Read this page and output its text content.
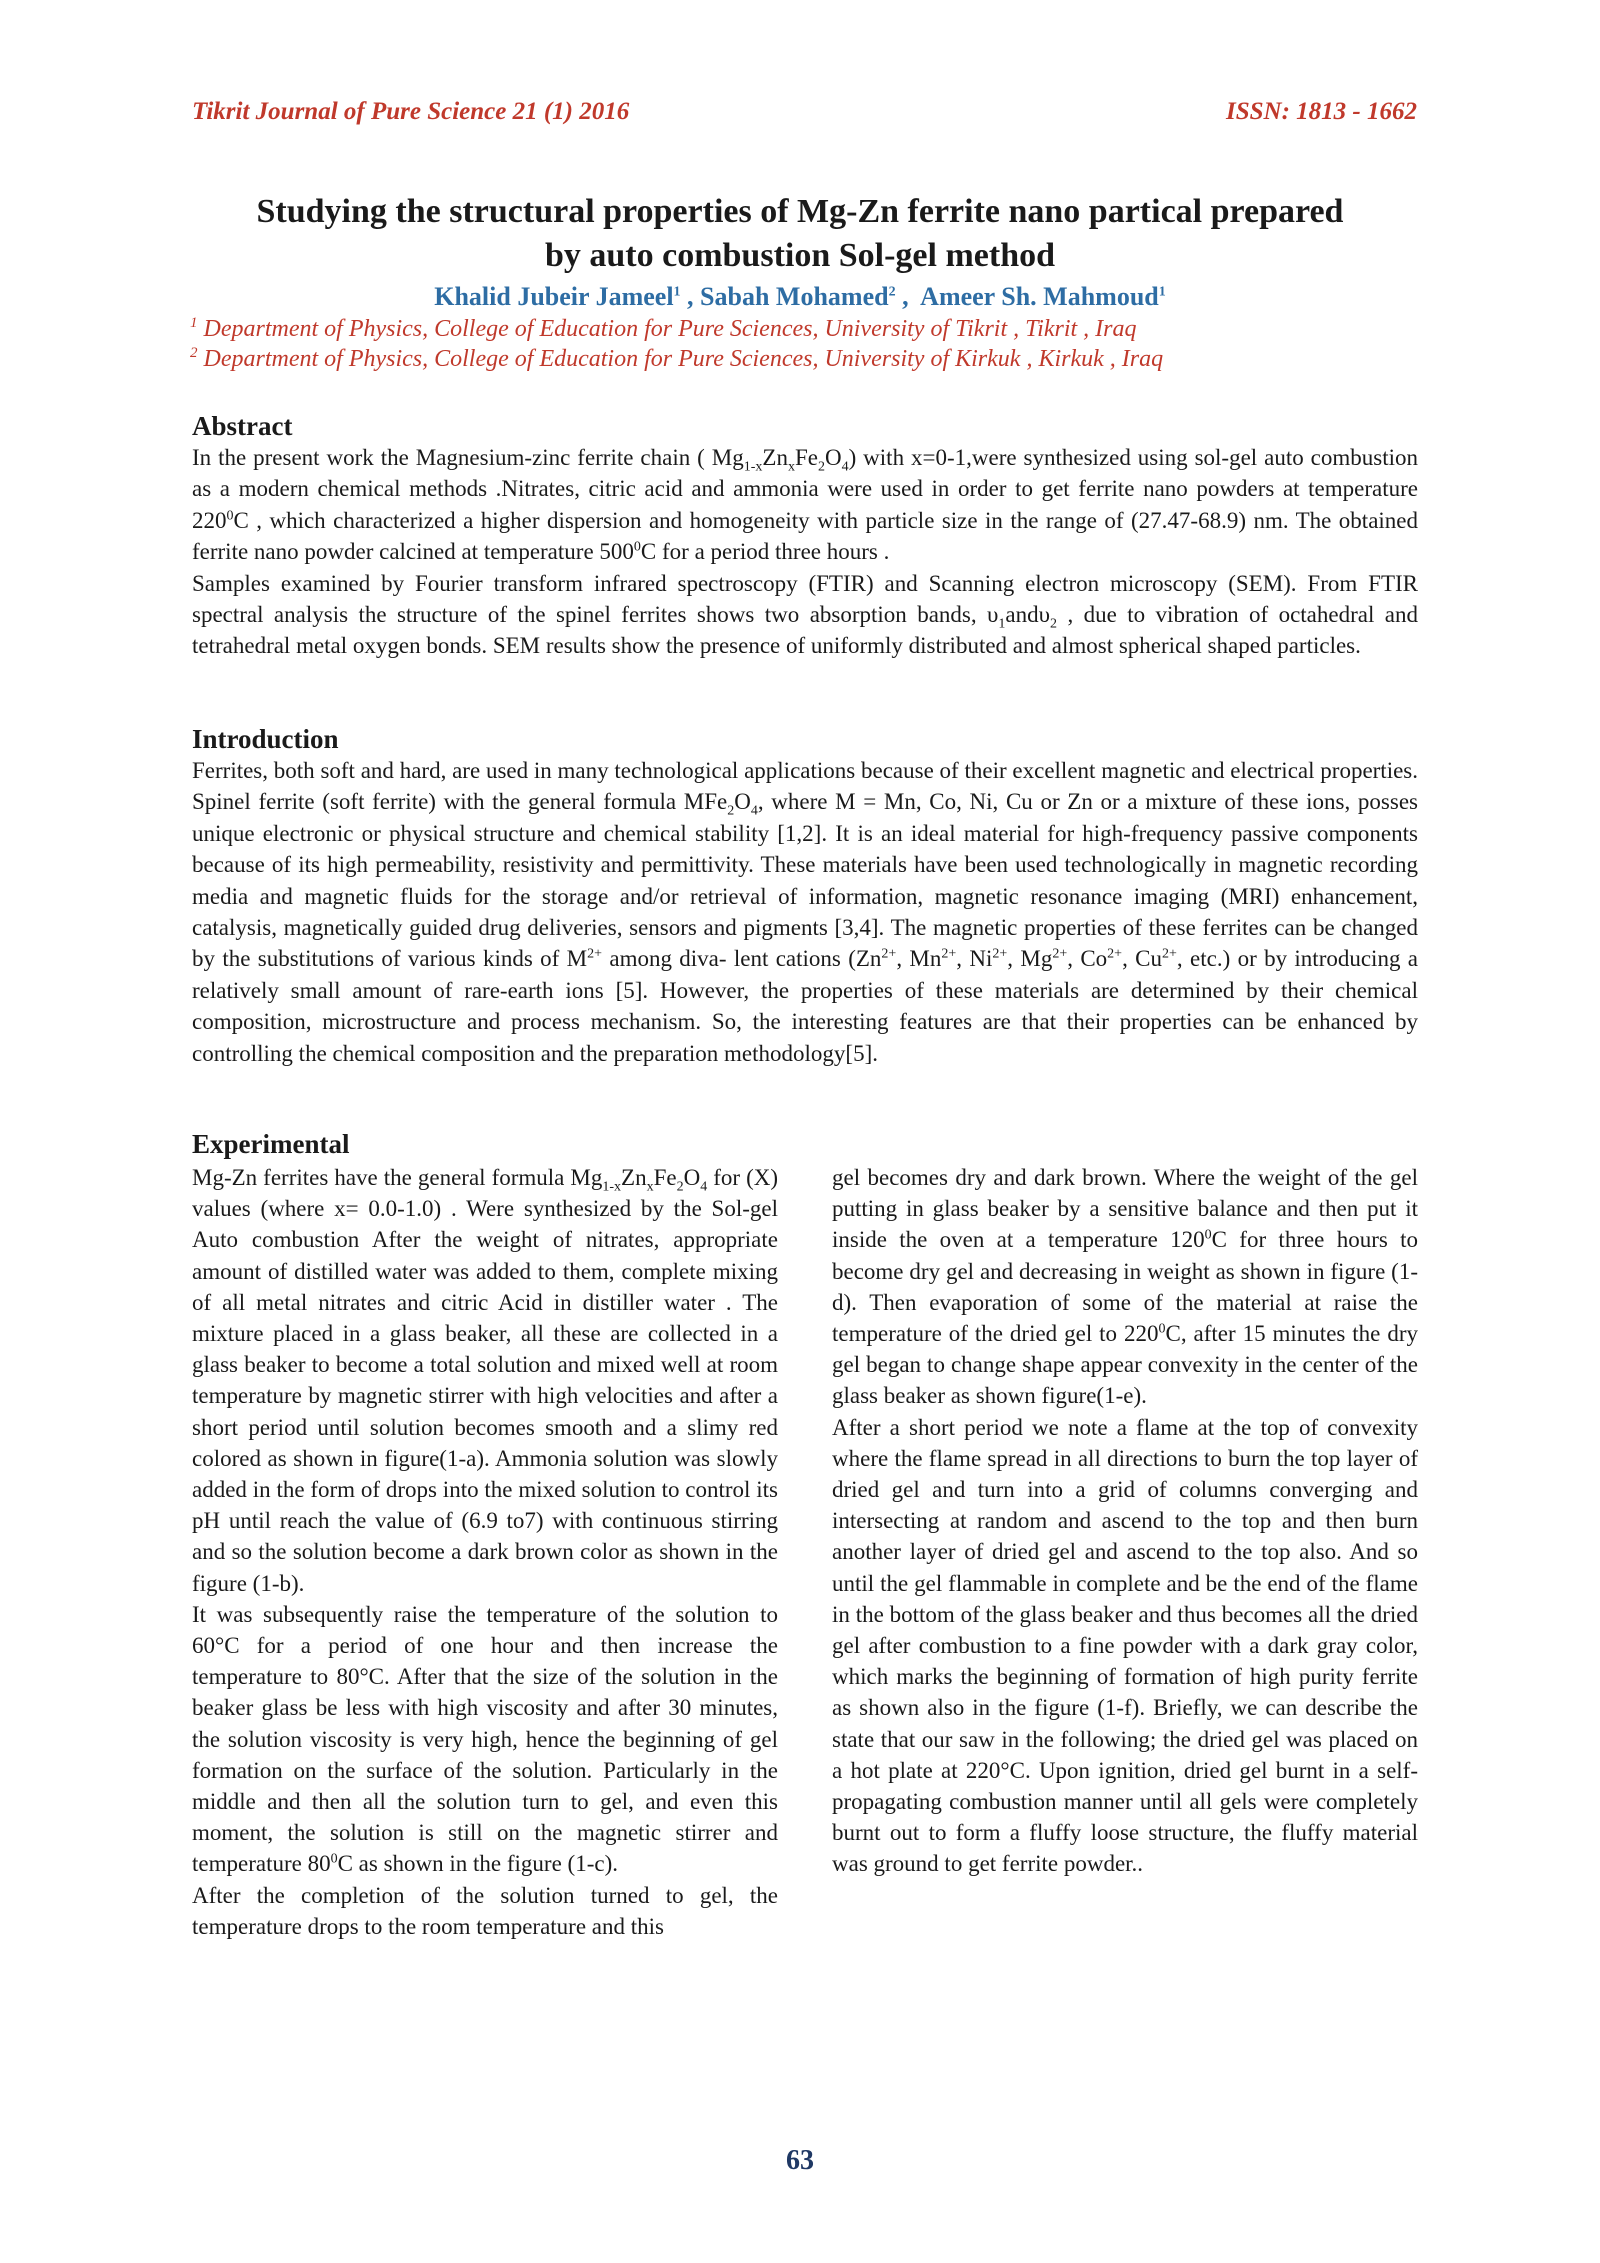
Tikrit Journal of Pure Science 21 (1) 2016	ISSN: 1813 - 1662
Studying the structural properties of Mg-Zn ferrite nano partical prepared
by auto combustion Sol-gel method
Khalid Jubeir Jameel$^1$ , Sabah Mohamed$^2$ ,  Ameer Sh. Mahmoud$^1$
$^1$ Department of Physics, College of Education for Pure Sciences, University of Tikrit , Tikrit , Iraq
$^2$ Department of Physics, College of Education for Pure Sciences, University of Kirkuk , Kirkuk , Iraq
Abstract

In the present work the Magnesium-zinc ferrite chain ( $Mg_{1-x}Zn_xFe_2O_4$) with x=0-1,were synthesized using sol-gel auto combustion as a modern chemical methods .Nitrates, citric acid and ammonia were used in order to get ferrite nano powders at temperature $220^0C$ , which characterized a higher dispersion and homogeneity with particle size in the range of (27.47-68.9) nm. The obtained ferrite nano powder calcined at temperature $500^0C$ for a period three hours .

Samples examined by Fourier transform infrared spectroscopy (FTIR) and Scanning electron microscopy (SEM). From FTIR spectral analysis the structure of the spinel ferrites shows two absorption bands, $\upsilon_1and\upsilon_2$ , due to vibration of octahedral and tetrahedral metal oxygen bonds. SEM results show the presence of uniformly distributed and almost spherical shaped particles.

Introduction

Ferrites, both soft and hard, are used in many technological applications because of their excellent magnetic and electrical properties. Spinel ferrite (soft ferrite) with the general formula $MFe_2O_4$, where M = Mn, Co, Ni, Cu or Zn or a mixture of these ions, posses unique electronic or physical structure and chemical stability [1,2]. It is an ideal material for high-frequency passive components because of its high permeability, resistivity and permittivity. These materials have been used technologically in magnetic recording media and magnetic fluids for the storage and/or retrieval of information, magnetic resonance imaging (MRI) enhancement, catalysis, magnetically guided drug deliveries, sensors and pigments [3,4]. The magnetic properties of these ferrites can be changed by the substitutions of various kinds of $M^{2+}$ among diva- lent cations ($Zn^{2+}$, $Mn^{2+}$, $Ni^{2+}$, $Mg^{2+}$, $Co^{2+}$, $Cu^{2+}$, etc.) or by introducing a relatively small amount of rare-earth ions [5]. However, the properties of these materials are determined by their chemical composition, microstructure and process mechanism. So, the interesting features are that their properties can be enhanced by controlling the chemical composition and the preparation methodology[5].

Experimental

Mg-Zn ferrites have the general formula $Mg_{1-x}Zn_xFe_2O_4$ for (X) values (where x= 0.0-1.0) . Were synthesized by the Sol-gel Auto combustion After the weight of nitrates, appropriate amount of distilled water was added to them, complete mixing of all metal nitrates and citric Acid in distiller water . The mixture placed in a glass beaker, all these are collected in a glass beaker to become a total solution and mixed well at room temperature by magnetic stirrer with high velocities and after a short period until solution becomes smooth and a slimy red colored as shown in figure(1-a). Ammonia solution was slowly added in the form of drops into the mixed solution to control its pH until reach the value of (6.9 to7) with continuous stirring and so the solution become a dark brown color as shown in the figure (1-b).

It was subsequently raise the temperature of the solution to 60°C for a period of one hour and then increase the temperature to 80°C. After that the size of the solution in the beaker glass be less with high viscosity and after 30 minutes, the solution viscosity is very high, hence the beginning of gel formation on the surface of the solution. Particularly in the middle and then all the solution turn to gel, and even this moment, the solution is still on the magnetic stirrer and temperature $80^0C$ as shown in the figure (1-c).

After the completion of the solution turned to gel, the temperature drops to the room temperature and this

gel becomes dry and dark brown. Where the weight of the gel putting in glass beaker by a sensitive balance and then put it inside the oven at a temperature $120^0C$ for three hours to become dry gel and decreasing in weight as shown in figure (1-d). Then evaporation of some of the material at raise the temperature of the dried gel to $220^0C$, after 15 minutes the dry gel began to change shape appear convexity in the center of the glass beaker as shown figure(1-e).

After a short period we note a flame at the top of convexity where the flame spread in all directions to burn the top layer of dried gel and turn into a grid of columns converging and intersecting at random and ascend to the top and then burn another layer of dried gel and ascend to the top also. And so until the gel flammable in complete and be the end of the flame in the bottom of the glass beaker and thus becomes all the dried gel after combustion to a fine powder with a dark gray color, which marks the beginning of formation of high purity ferrite as shown also in the figure (1-f). Briefly, we can describe the state that our saw in the following; the dried gel was placed on a hot plate at 220°C. Upon ignition, dried gel burnt in a self-propagating combustion manner until all gels were completely burnt out to form a fluffy loose structure, the fluffy material was ground to get ferrite powder..

63
